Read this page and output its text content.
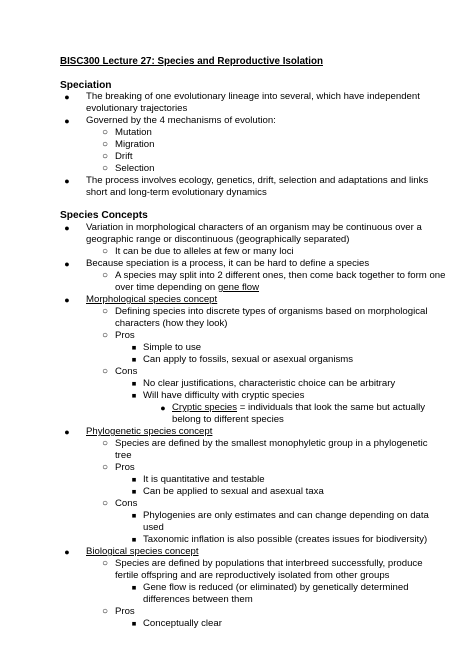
BISC300 Lecture 27: Species and Reproductive Isolation
Speciation
● The breaking of one evolutionary lineage into several, which have independent
evolutionary trajectories
● Governed by the 4 mechanisms of evolution:
○ Mutation
○ Migration
○ Drift
○ Selection
● The process involves ecology, genetics, drift, selection and adaptations and links
short and long-term evolutionary dynamics
Species Concepts
● Variation in morphological characters of an organism may be continuous over a
geographic range or discontinuous (geographically separated)
○ It can be due to alleles at few or many loci
● Because speciation is a process, it can be hard to define a species
○ A species may split into 2 different ones, then come back together to form one
over time depending on gene flow
● Morphological species concept
○ Defining species into discrete types of organisms based on morphological
characters (how they look)
○ Pros
■ Simple to use
■ Can apply to fossils, sexual or asexual organisms
○ Cons
■ No clear justifications, characteristic choice can be arbitrary
■ Will have difficulty with cryptic species
● Cryptic species = individuals that look the same but actually
belong to different species
● Phylogenetic species concept
○ Species are defined by the smallest monophyletic group in a phylogenetic
tree
○ Pros
■ It is quantitative and testable
■ Can be applied to sexual and asexual taxa
○ Cons
■ Phylogenies are only estimates and can change depending on data
used
■ Taxonomic inflation is also possible (creates issues for biodiversity)
● Biological species concept
○ Species are defined by populations that interbreed successfully, produce
fertile offspring and are reproductively isolated from other groups
■ Gene flow is reduced (or eliminated) by genetically determined
differences between them
○ Pros
■ Conceptually clear
